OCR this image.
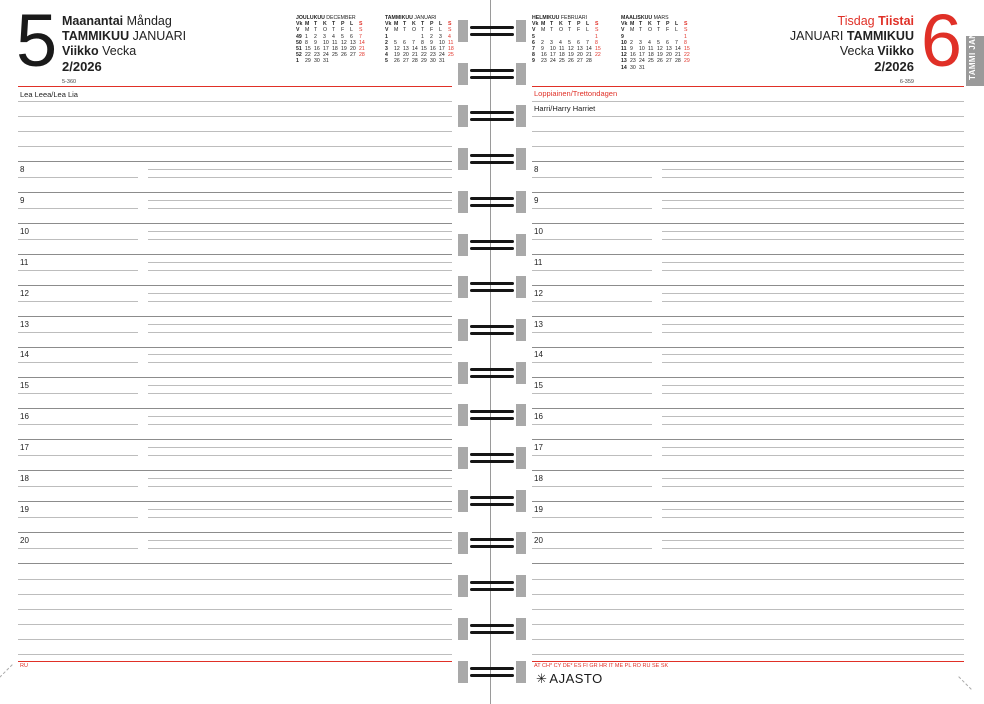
5 Maanantai Måndag
TAMMIKUU JANUARI
Viikko Vecka
2/2026
5-360
JOULUKUU DECEMBER
Vk	M	T	K	T	P	L	S
V	M	T	O	T	F	L	S
49	1	2	3	4	5	6	7
50	8	9	10	11	12	13	14
51	15	16	17	18	19	20	21
52	22	23	24	25	26	27	28
1	29	30	31				
TAMMIKUU JANUARI
Vk	M	T	K	T	P	L	S
V	M	T	O	T	F	L	S
1				1	2	3	4
2	5	6	7	8	9	10	11
3	12	13	14	15	16	17	18
4	19	20	21	22	23	24	25
5	26	27	28	29	30	31	
Lea Leea/Lea Lia
8
9
10
11
12
13
14
15
16
17
18
19
20
RU
HELMIKUU FEBRUARI
Vk	M	T	K	T	P	L	S
V	M	T	O	T	F	L	S
5							1
6	2	3	4	5	6	7	8
7	9	10	11	12	13	14	15
8	16	17	18	19	20	21	22
9	23	24	25	26	27	28	
MAALISKUU MARS
Vk	M	T	K	T	P	L	S
V	M	T	O	T	F	L	S
9							1
10	2	3	4	5	6	7	8
11	9	10	11	12	13	14	15
12	16	17	18	19	20	21	22
13	23	24	25	26	27	28	29
14	30	31					
Tisdag Tiistai
JANUARI TAMMIKUU
Vecka Viikko
2/2026
6-359 6 TAMMI JAN
Loppiainen/Trettondagen
Harri/Harry Harriet
8
9
10
11
12
13
14
15
16
17
18
19
20
AT CH* CY DE* ES FI GR HR IT ME PL RO RU SE SK
✳ AJASTO
